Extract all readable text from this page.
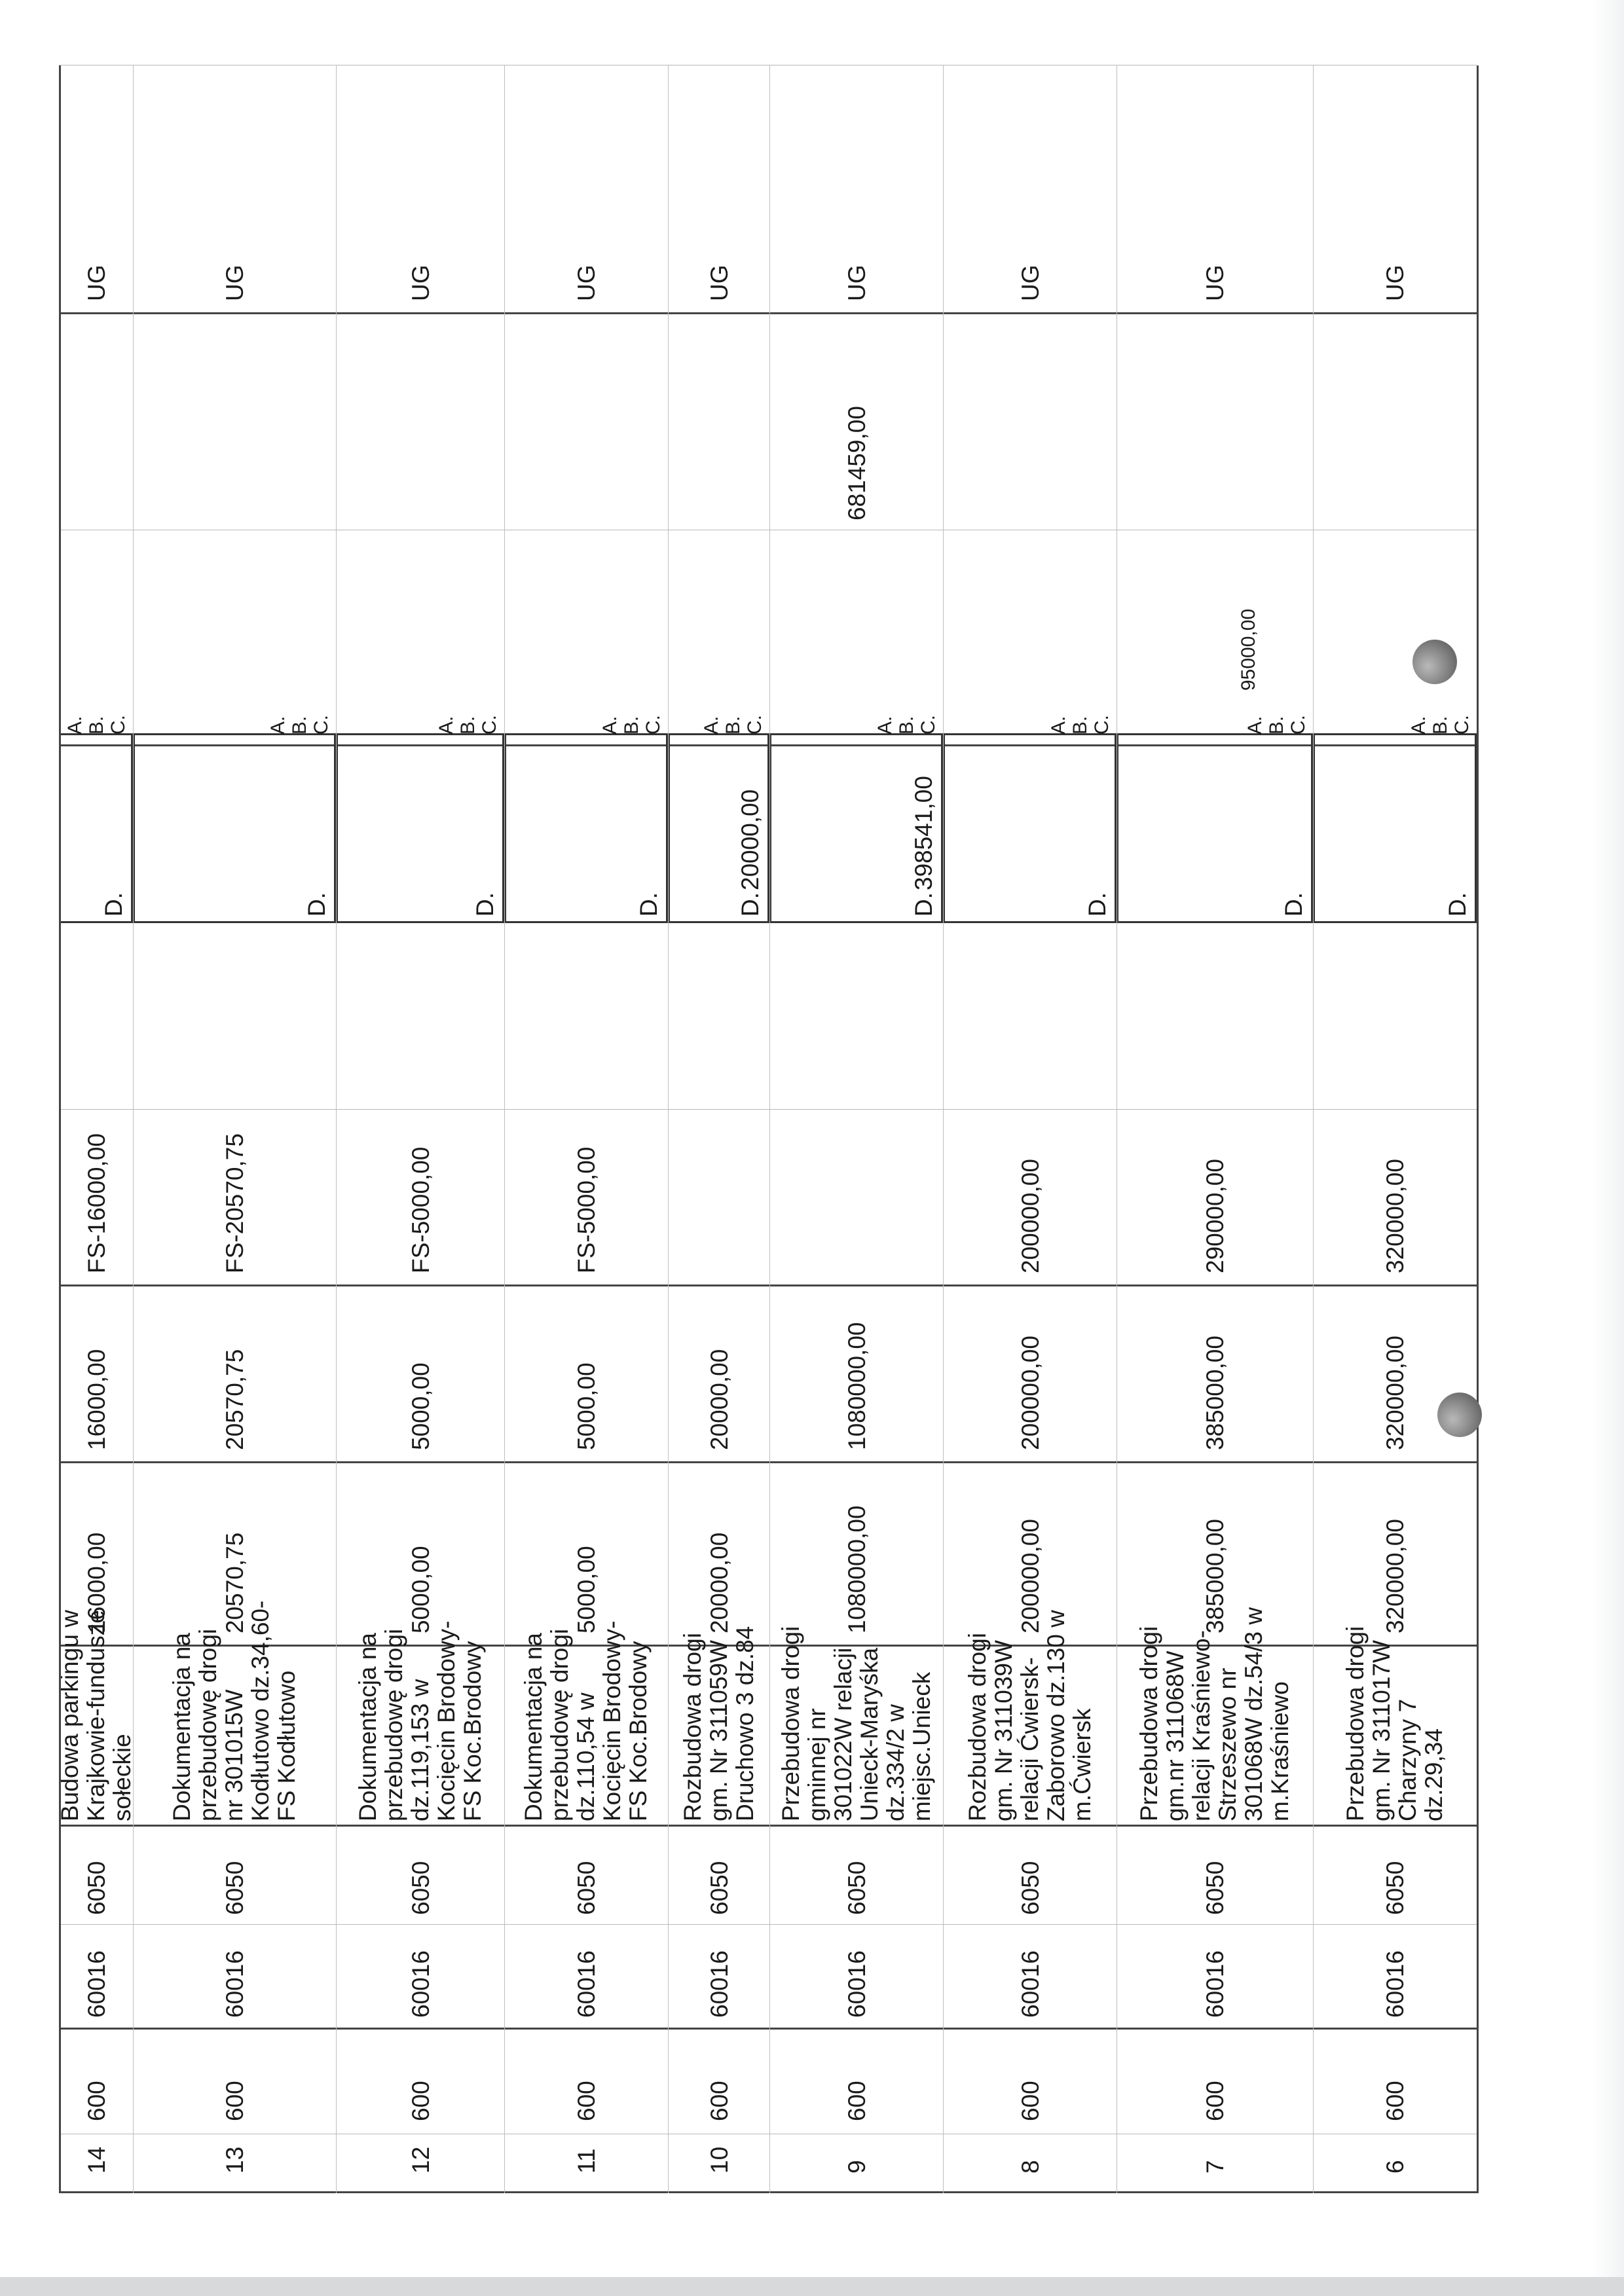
6
600
60016
6050
Przebudowa drogi gm. Nr 311017W Charzyny 7 dz.29,34
320000,00
320000,00
320000,00
D.
A. B. C.
UG
7
600
60016
6050
Przebudowa drogi gm.nr 311068W relacji Kraśniewo- Strzeszewo nr 301068W dz.54/3 w m.Kraśniewo
385000,00
385000,00
290000,00
D.
A. B. C.
95000,00
UG
8
600
60016
6050
Rozbudowa drogi gm. Nr 311039W relacji Ćwiersk- Zaborowo dz.130 w m.Ćwiersk
200000,00
200000,00
200000,00
D.
A. B. C.
UG
9
600
60016
6050
Przebudowa drogi gminnej nr 301022W relacji Unieck-Maryśka dz.334/2 w miejsc.Unieck
1080000,00
1080000,00
D.
398541,00
A. B. C.
681459,00
UG
10
600
60016
6050
Rozbudowa drogi gm. Nr 311059W Druchowo 3 dz.84
20000,00
20000,00
D.
20000,00
A. B. C.
UG
11
600
60016
6050
Dokumentacja na przebudowę drogi dz.110,54 w Kocięcin Brodowy- FS Koc.Brodowy
5000,00
5000,00
FS-5000,00
D.
A. B. C.
UG
12
600
60016
6050
Dokumentacja na przebudowę drogi dz.119,153 w Kocięcin Brodowy- FS Koc.Brodowy
5000,00
5000,00
FS-5000,00
D.
A. B. C.
UG
13
600
60016
6050
Dokumentacja na przebudowę drogi nr 301015W Kodłutowo dz.34,60- FS Kodłutowo
20570,75
20570,75
FS-20570,75
D.
A. B. C.
UG
14
600
60016
6050
Budowa parkingu w Krajkowie-fundusze sołeckie
16000,00
16000,00
FS-16000,00
D.
A. B. C.
UG
